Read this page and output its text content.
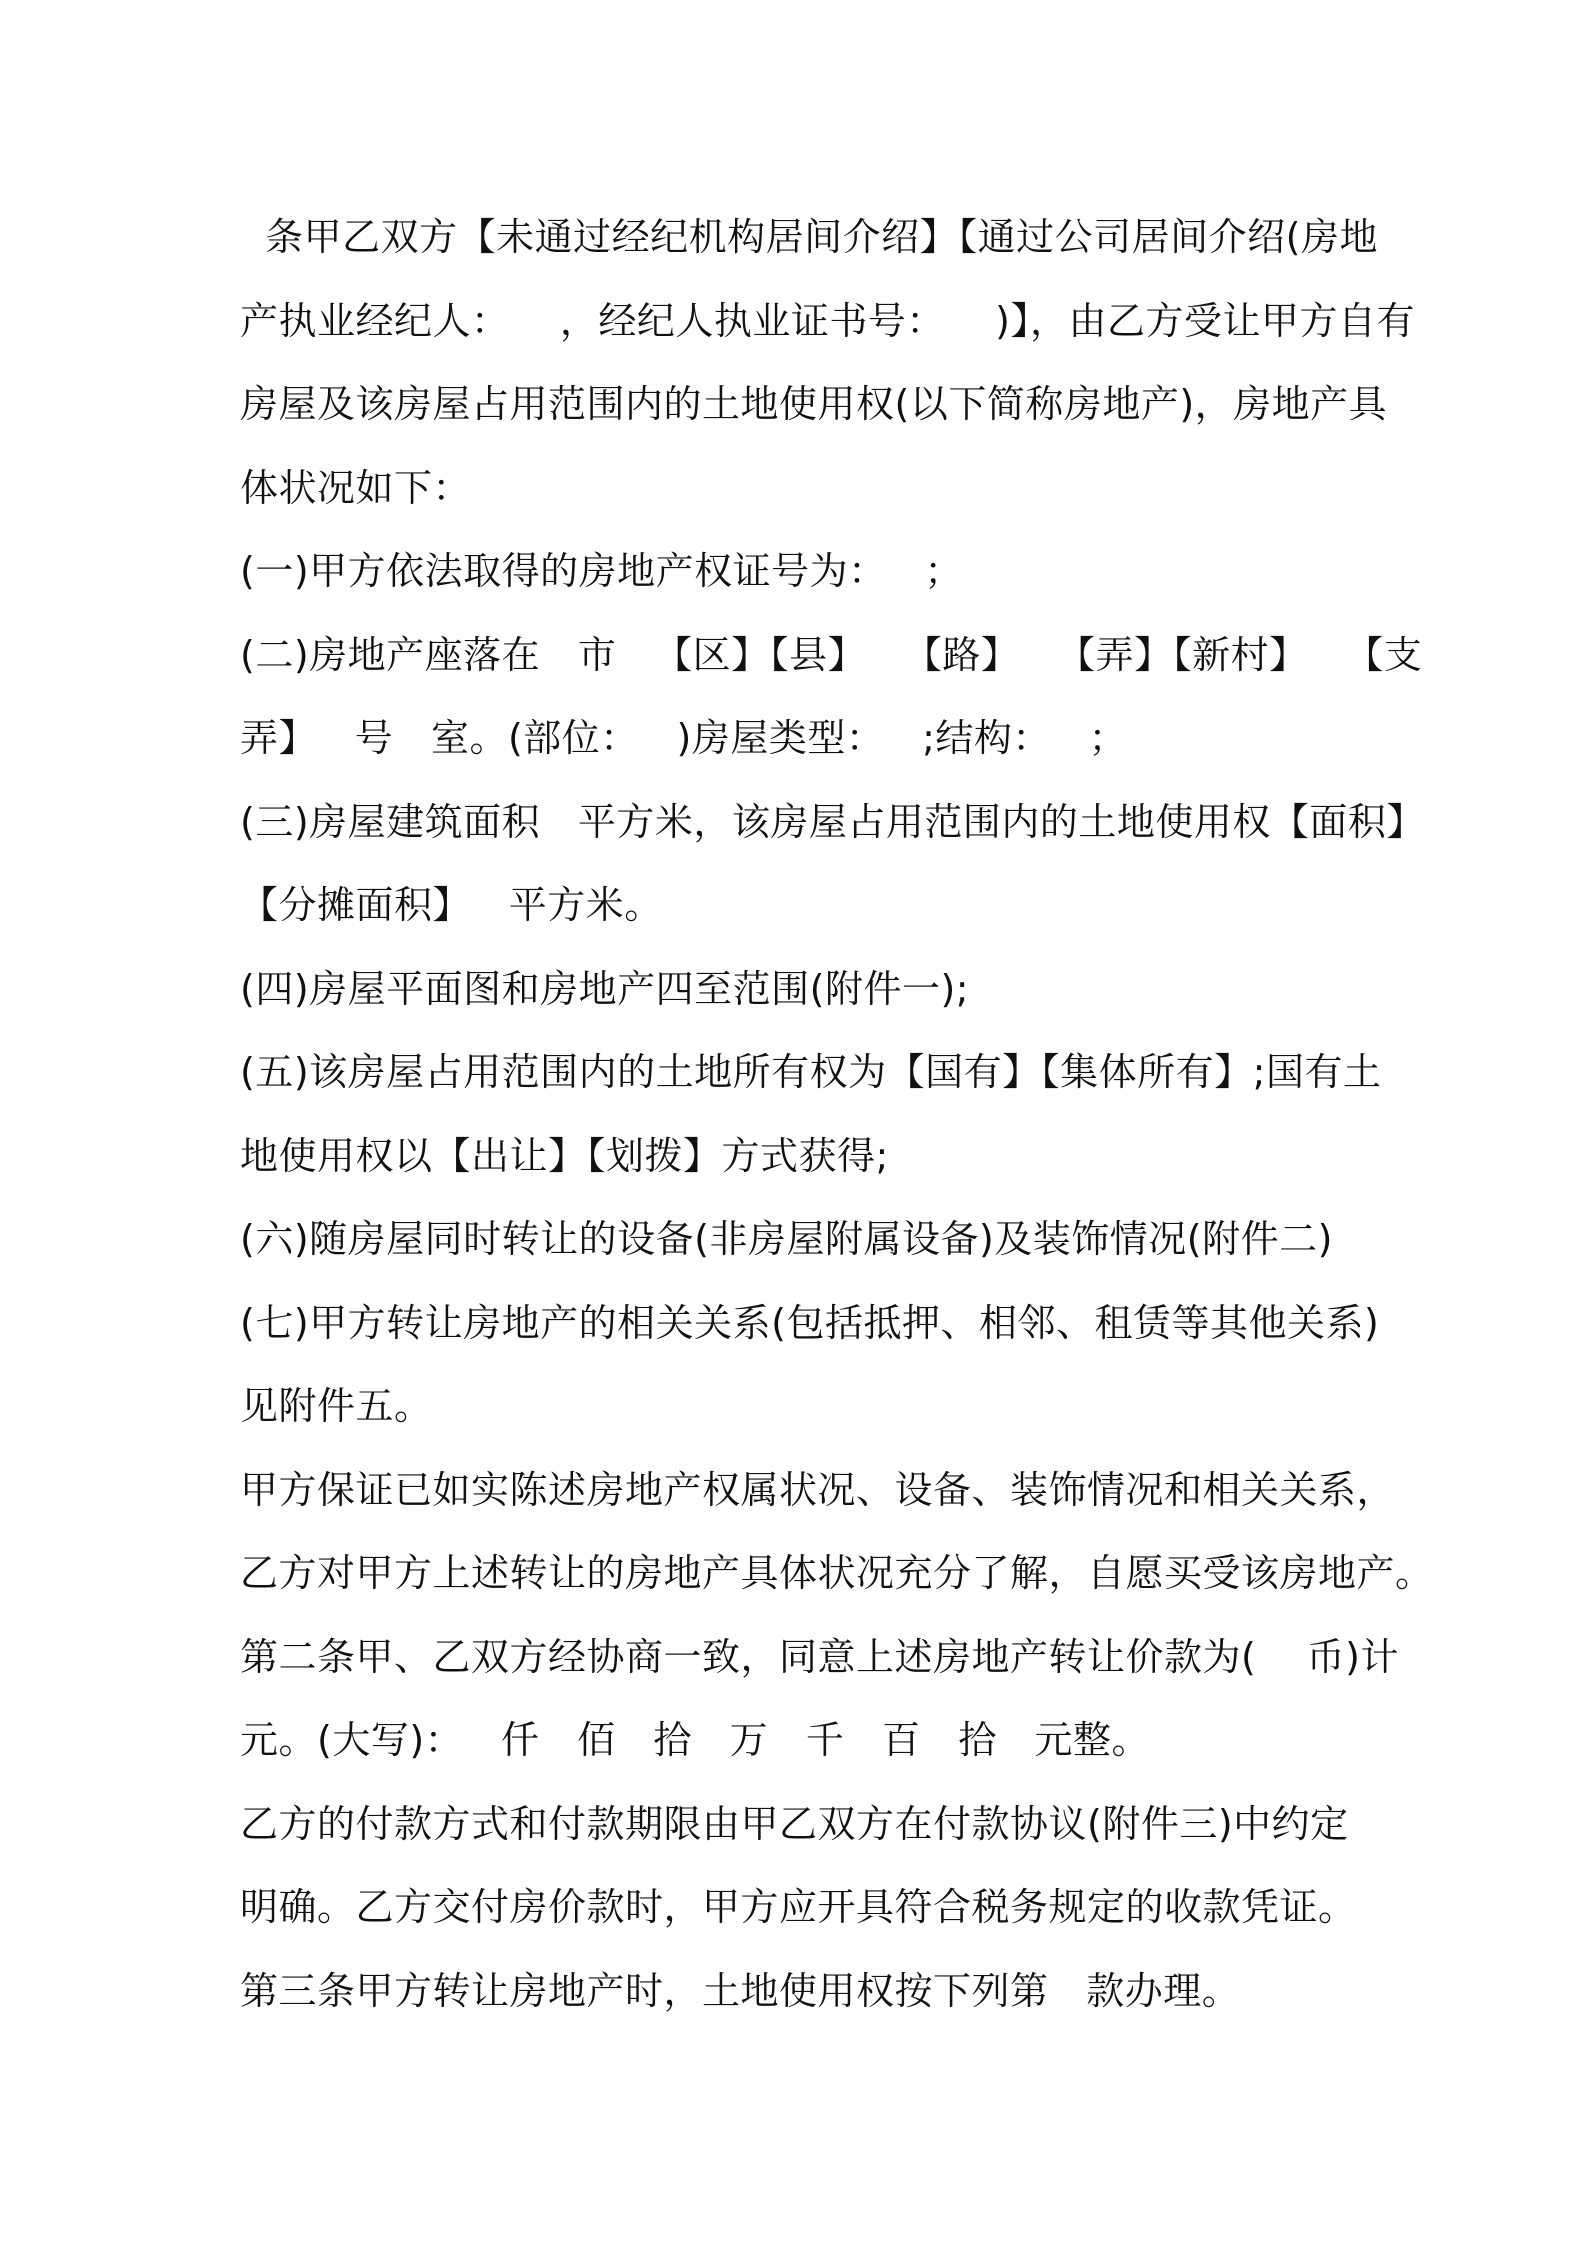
条甲乙双方【未通过经纪机构居间介绍】【通过公司居间介绍(房地
产执业经纪人：    ，经纪人执业证书号：    )】，由乙方受让甲方自有
房屋及该房屋占用范围内的土地使用权(以下简称房地产)，房地产具
体状况如下：
(一)甲方依法取得的房地产权证号为：   ；
(二)房地产座落在   市   【区】【县】   【路】   【弄】【新村】   【支
弄】   号   室。(部位：   )房屋类型：   ;结构：   ；
(三)房屋建筑面积   平方米，该房屋占用范围内的土地使用权【面积】
【分摊面积】   平方米。
(四)房屋平面图和房地产四至范围(附件一);
(五)该房屋占用范围内的土地所有权为【国有】【集体所有】;国有土
地使用权以【出让】【划拨】方式获得;
(六)随房屋同时转让的设备(非房屋附属设备)及装饰情况(附件二)
(七)甲方转让房地产的相关关系(包括抵押、相邻、租赁等其他关系)
见附件五。
甲方保证已如实陈述房地产权属状况、设备、装饰情况和相关关系，
乙方对甲方上述转让的房地产具体状况充分了解，自愿买受该房地产。
第二条甲、乙双方经协商一致，同意上述房地产转让价款为(    币)计
元。(大写)：   仟   佰   拾   万   千   百   拾   元整。
乙方的付款方式和付款期限由甲乙双方在付款协议(附件三)中约定
明确。乙方交付房价款时，甲方应开具符合税务规定的收款凭证。
第三条甲方转让房地产时，土地使用权按下列第   款办理。
